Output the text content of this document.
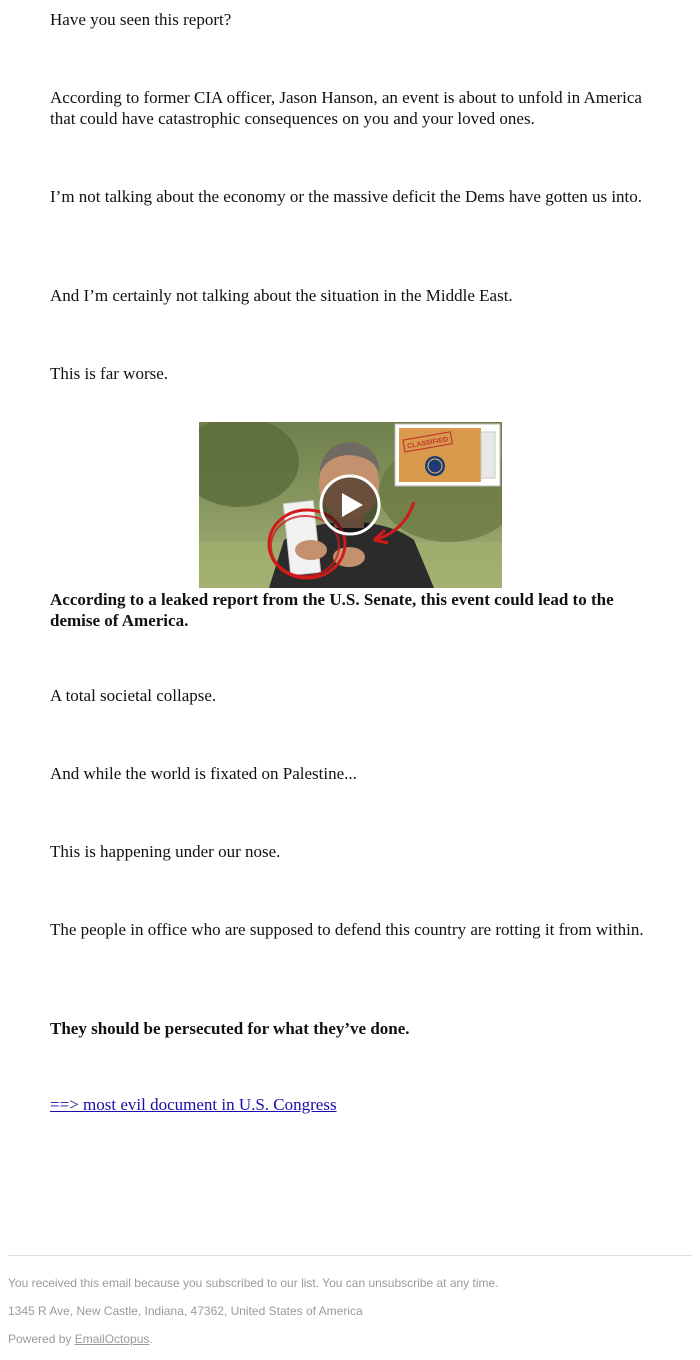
Have you seen this report?

According to former CIA officer, Jason Hanson, an event is about to unfold in America that could have catastrophic consequences on you and your loved ones.

I’m not talking about the economy or the massive deficit the Dems have gotten us into.

And I’m certainly not talking about the situation in the Middle East.

This is far worse.

CLASSIFIED

According to a leaked report from the U.S. Senate, this event could lead to the demise of America.

A total societal collapse.

And while the world is fixated on Palestine...

This is happening under our nose.

The people in office who are supposed to defend this country are rotting it from within.

They should be persecuted for what they’ve done.

==> most evil document in U.S. Congress

You received this email because you subscribed to our list. You can unsubscribe at any time.

1345 R Ave, New Castle, Indiana, 47362, United States of America

Powered by EmailOctopus.
